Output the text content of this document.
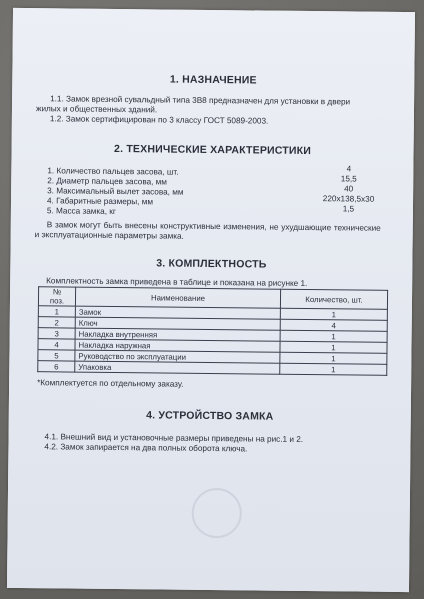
1. НАЗНАЧЕНИЕ
1.1. Замок врезной сувальдный типа 3В8 предназначен для установки в двери
жилых и общественных зданий.
1.2. Замок сертифицирован по 3 классу ГОСТ 5089-2003.
2. ТЕХНИЧЕСКИЕ ХАРАКТЕРИСТИКИ
1. Количество пальцев засова, шт.	4
2. Диаметр пальцев засова, мм	15,5
3. Максимальный вылет засова, мм	40
4. Габаритные размеры, мм	220х138,5х30
5. Масса замка, кг	1,5
В замок могут быть внесены конструктивные изменения, не ухудшающие технические и эксплуатационные параметры замка.
3. КОМПЛЕКТНОСТЬ
Комплектность замка приведена в таблице и показана на рисунке 1.
№
поз.	Наименование	Количество, шт.
1	Замок	1
2	Ключ	4
3	Накладка внутренняя	1
4	Накладка наружная	1
5	Руководство по эксплуатации	1
6	Упаковка	1
*Комплектуется по отдельному заказу.
4. УСТРОЙСТВО ЗАМКА
4.1. Внешний вид и установочные размеры приведены на рис.1 и 2.
4.2. Замок запирается на два полных оборота ключа.
